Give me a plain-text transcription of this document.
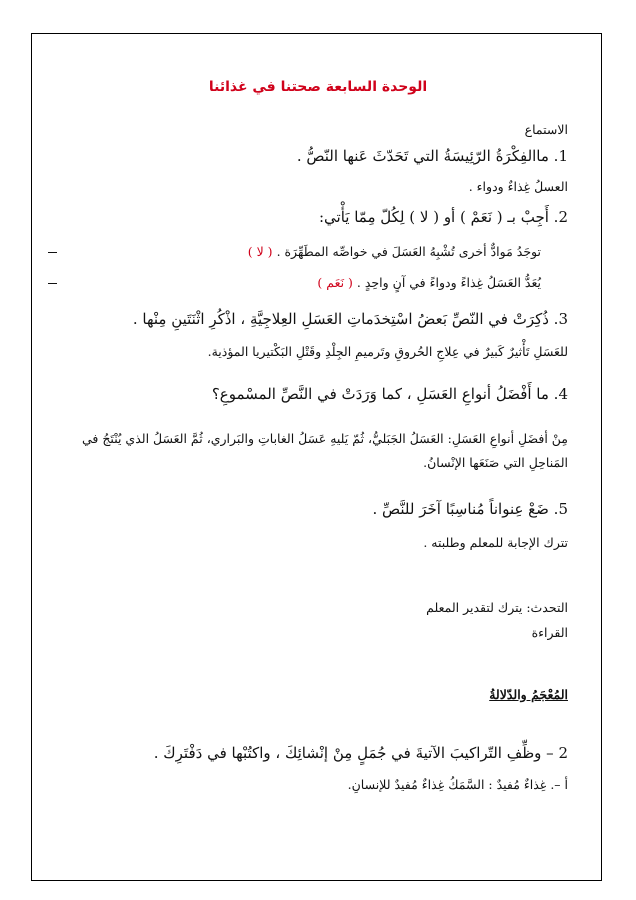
الوحدة السابعة صحتنا في غذائنا
الاستماع
1. ماالفِكْرَةُ الرّئِيسَةُ التي تَحَدّثَ عَنها النّصُّ .
العسلُ غِذاءٌ ودواء .
2. أَجِبْ بـ ( نَعَمْ ) أو ( لا ) لِكُلّ مِمّا يَأْتي:
توجَدُ مَوادٌّ أخرى تُشْبِهُ العَسَلَ في خواصِّه المطَهِّرَة . ( لا )
يُعَدُّ العَسَلُ غِذاءً ودواءً في آنٍ واحِدٍ . ( نَعَم )
3. ذُكِرَتْ في النّصِّ بَعضُ اسْتِخدَماتِ العَسَلِ العِلاجِيَّةِ ، اذْكُرِ اثْنَتَينِ مِنْها .
للعَسَلِ تَأْثيرٌ كَبيرٌ في عِلاجِ الحُروقِ وتَرميمِ الجِلْدِ وقَتْلِ البَكْتيريا المؤذية.
4. ما أَفْضَلُ أنواعِ العَسَلِ ، كما وَرَدَتْ في النَّصِّ المسْموعِ؟
مِنْ أفضَلِ أنواعِ العَسَلِ: العَسَلُ الجَبَليُّ، ثُمّ يَليهِ عَسَلُ الغاباتِ والبَراري، ثُمَّ العَسَلُ الذي يُنْتَجُ في المَناحِلِ التي صَنَعَها الإنْسانُ.
5. ضَعْ عِنواناً مُناسِبًا آخَرَ للنَّصِّ .
تترك الإجابة للمعلم وطلبته .
التحدث: يترك لتقدير المعلم
القراءة
المُعْجَمُ والدّلالةُ
2 – وظِّفِ التّراكيبَ الآتيةَ في جُمَلٍ مِنْ إنْشائِكَ ، واكتُبْها في دَفْتَرِكَ .
أ –. غِذاءٌ مُفيدٌ : السَّمَكُ غِذاءٌ مُفيدٌ للإنسانِ.
